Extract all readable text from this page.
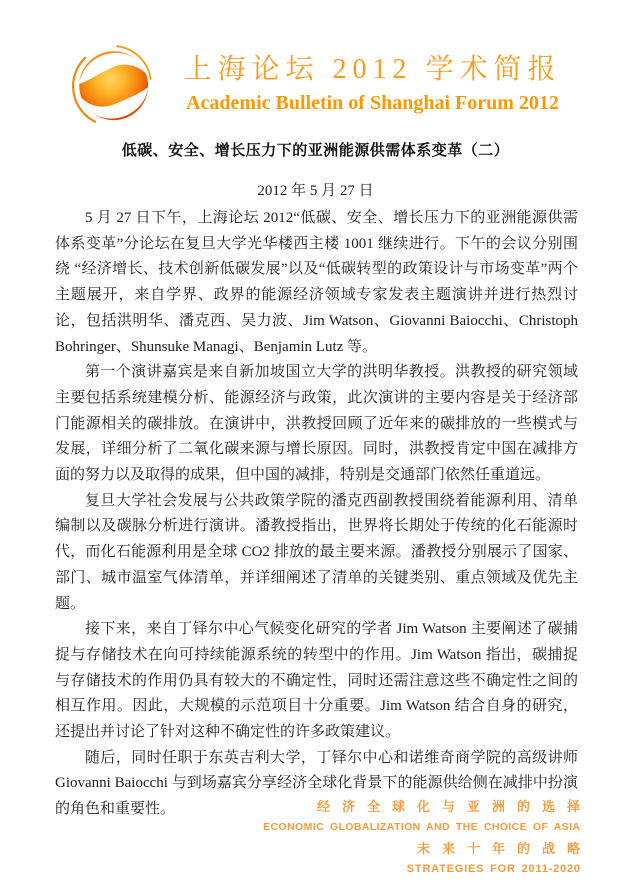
上海论坛 2012 学术简报
Academic Bulletin of Shanghai Forum 2012
低碳、安全、增长压力下的亚洲能源供需体系变革（二）
2012 年 5 月 27 日

5 月 27 日下午，上海论坛 2012“低碳、安全、增长压力下的亚洲能源供需体系变革”分论坛在复旦大学光华楼西主楼 1001 继续进行。下午的会议分别围绕 “经济增长、技术创新低碳发展”以及“低碳转型的政策设计与市场变革”两个主题展开，来自学界、政界的能源经济领域专家发表主题演讲并进行热烈讨论，包括洪明华、潘克西、吴力波、Jim Watson、Giovanni Baiocchi、Christoph Bohringer、Shunsuke Managi、Benjamin Lutz 等。

第一个演讲嘉宾是来自新加坡国立大学的洪明华教授。洪教授的研究领域主要包括系统建模分析、能源经济与政策，此次演讲的主要内容是关于经济部门能源相关的碳排放。在演讲中，洪教授回顾了近年来的碳排放的一些模式与发展，详细分析了二氧化碳来源与增长原因。同时，洪教授肯定中国在减排方面的努力以及取得的成果，但中国的减排，特别是交通部门依然任重道远。

复旦大学社会发展与公共政策学院的潘克西副教授围绕着能源利用、清单编制以及碳脉分析进行演讲。潘教授指出，世界将长期处于传统的化石能源时代，而化石能源利用是全球 CO2 排放的最主要来源。潘教授分别展示了国家、部门、城市温室气体清单，并详细阐述了清单的关键类别、重点领域及优先主题。

接下来，来自丁铎尔中心气候变化研究的学者 Jim Watson 主要阐述了碳捕捉与存储技术在向可持续能源系统的转型中的作用。Jim Watson 指出，碳捕捉与存储技术的作用仍具有较大的不确定性，同时还需注意这些不确定性之间的相互作用。因此，大规模的示范项目十分重要。Jim Watson 结合自身的研究，还提出并讨论了针对这种不确定性的许多政策建议。

随后，同时任职于东英吉利大学，丁铎尔中心和诺维奇商学院的高级讲师 Giovanni Baiocchi 与到场嘉宾分享经济全球化背景下的能源供给侧在减排中扮演的角色和重要性。	经济全球化与亚洲的选择
ECONOMIC GLOBALIZATION AND THE CHOICE OF ASIA
未来十年的战略
STRATEGIES FOR 2011-2020
